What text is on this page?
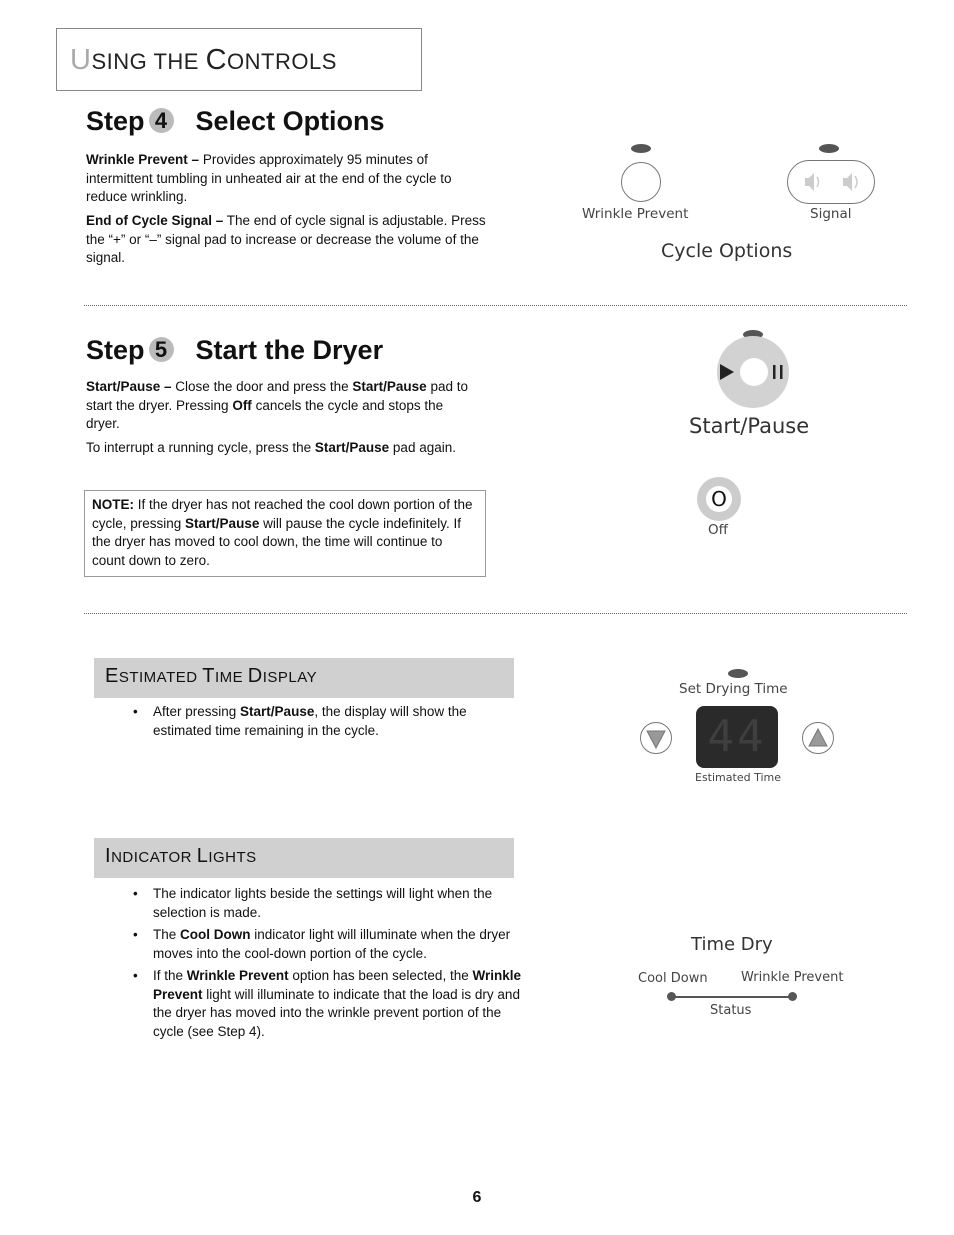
USING THE CONTROLS
Step 4 Select Options
Wrinkle Prevent – Provides approximately 95 minutes of intermittent tumbling in unheated air at the end of the cycle to reduce wrinkling.
End of Cycle Signal – The end of cycle signal is adjustable. Press the “+” or “–” signal pad to increase or decrease the volume of the signal.
Wrinkle Prevent	Signal
Cycle Options
Step 5 Start the Dryer
Start/Pause – Close the door and press the Start/Pause pad to start the dryer. Pressing Off cancels the cycle and stops the dryer.
To interrupt a running cycle, press the Start/Pause pad again.
NOTE: If the dryer has not reached the cool down portion of the cycle, pressing Start/Pause will pause the cycle indefinitely. If the dryer has moved to cool down, the time will continue to count down to zero.
Start/Pause
O
Off
ESTIMATED TIME DISPLAY
• After pressing Start/Pause, the display will show the estimated time remaining in the cycle.
Set Drying Time
44
Estimated Time
INDICATOR LIGHTS
• The indicator lights beside the settings will light when the selection is made.
• The Cool Down indicator light will illuminate when the dryer moves into the cool-down portion of the cycle.
• If the Wrinkle Prevent option has been selected, the Wrinkle Prevent light will illuminate to indicate that the load is dry and the dryer has moved into the wrinkle prevent portion of the cycle (see Step 4).
Time Dry
Cool Down	Wrinkle Prevent
Status
6
